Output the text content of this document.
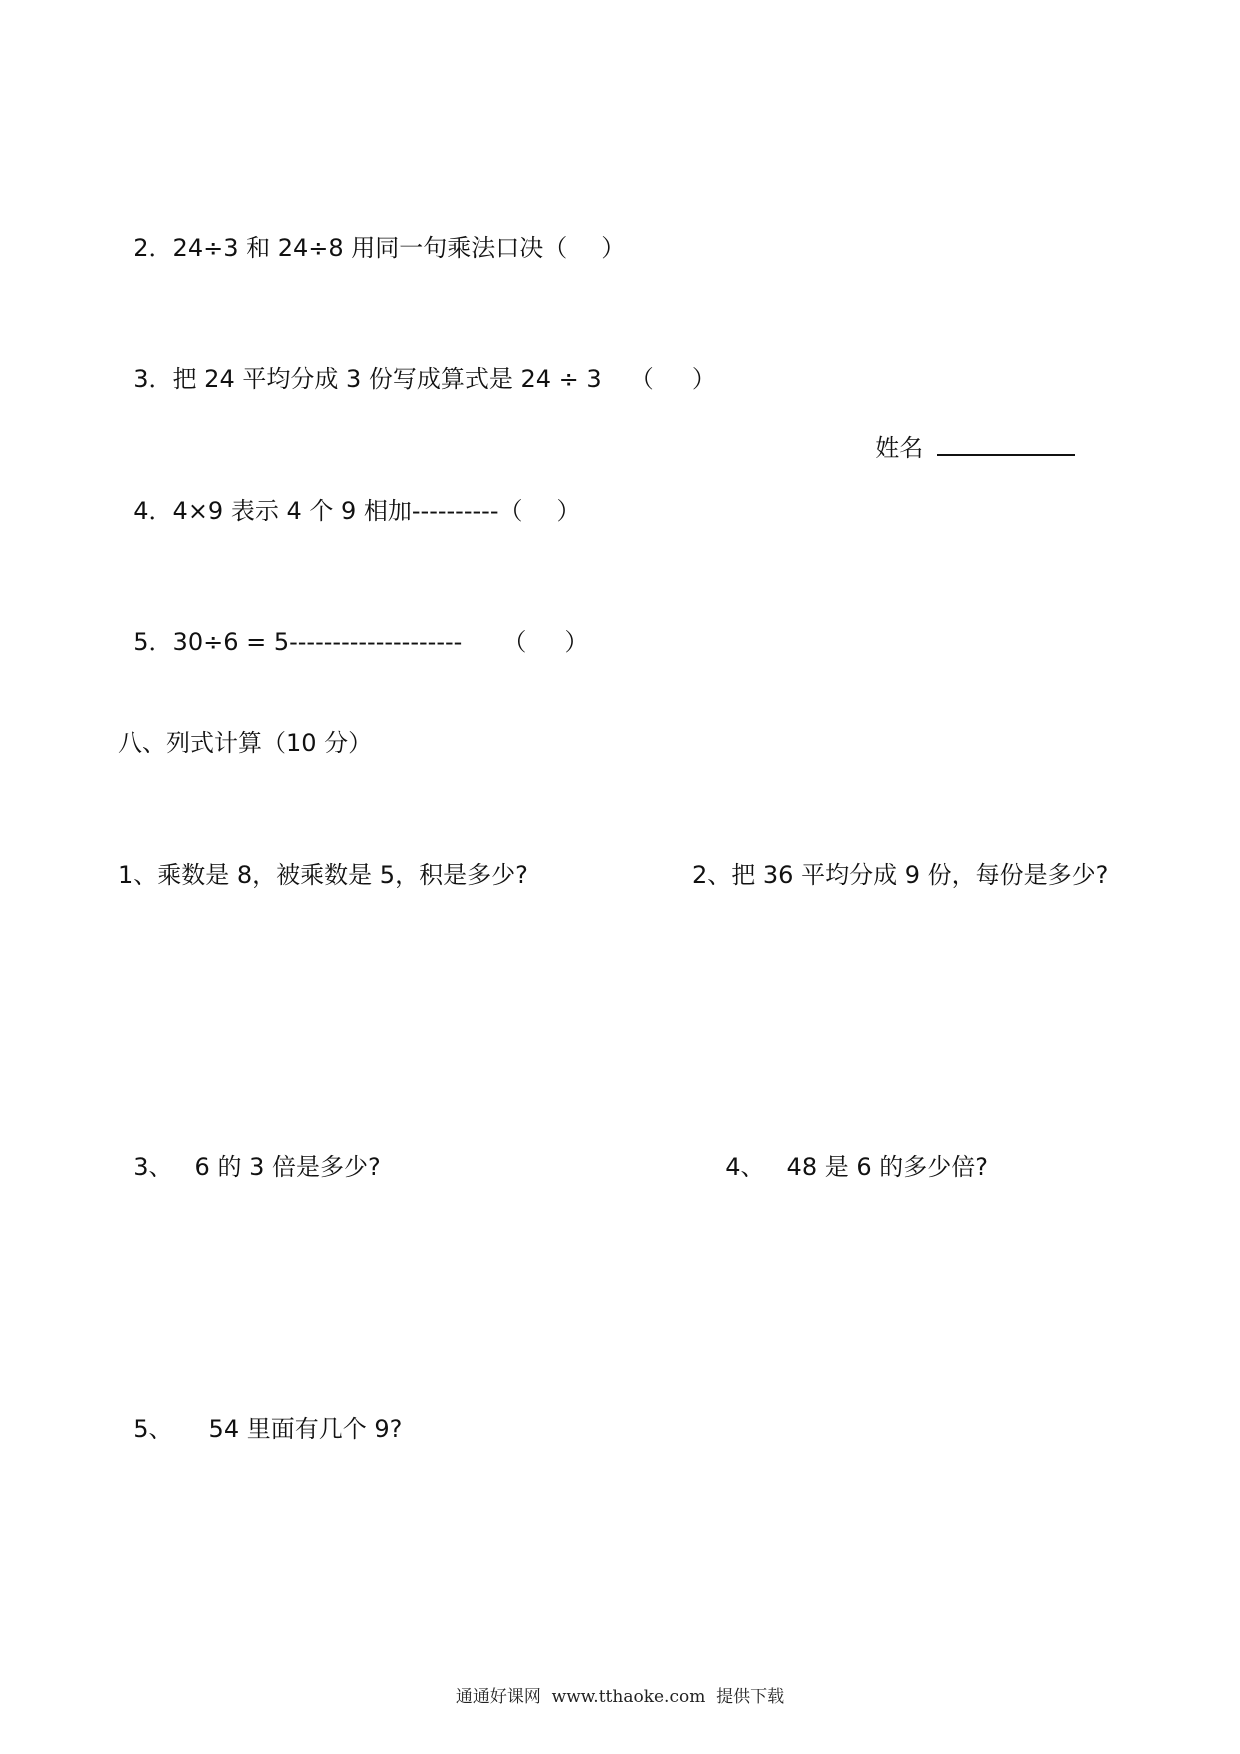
2．24÷3 和 24÷8 用同一句乘法口决（ ）

3．把 24 平均分成 3 份写成算式是 24 ÷ 3 （     ）

姓名

4．4×9 表示 4 个 9 相加----------（ ）

5．30÷6 = 5-------------------- （     ）

八、列式计算（10 分）
1、乘数是 8，被乘数是 5，积是多少?	2、把 36 平均分成 9 份，每份是多少?

3、 6 的 3 倍是多少?	4、 48 是 6 的多少倍?

5、 54 里面有几个 9?

通通好课网  www.tthaoke.com  提供下载
